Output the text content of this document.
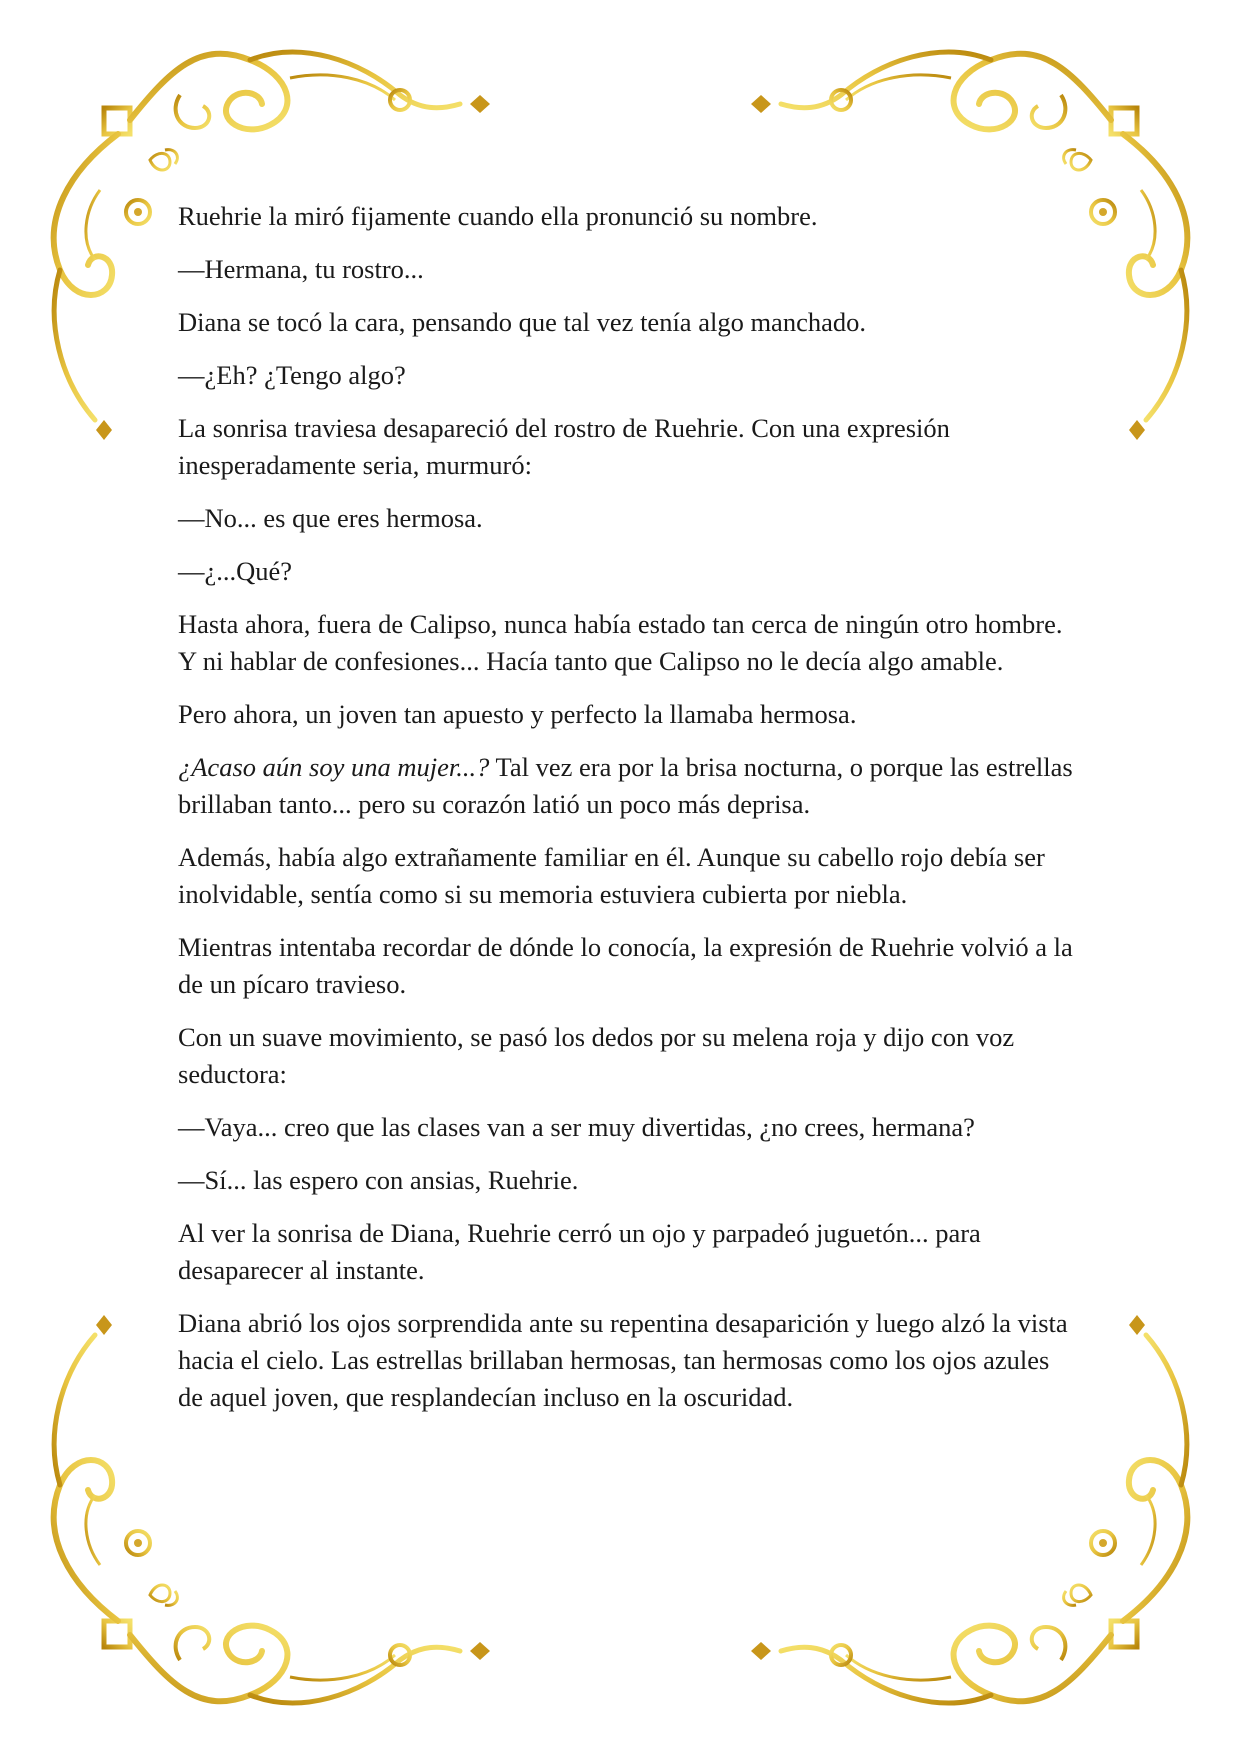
Ruehrie la miró fijamente cuando ella pronunció su nombre.

—Hermana, tu rostro...

Diana se tocó la cara, pensando que tal vez tenía algo manchado.

—¿Eh? ¿Tengo algo?

La sonrisa traviesa desapareció del rostro de Ruehrie. Con una expresión inesperadamente seria, murmuró:

—No... es que eres hermosa.

—¿...Qué?

Hasta ahora, fuera de Calipso, nunca había estado tan cerca de ningún otro hombre. Y ni hablar de confesiones... Hacía tanto que Calipso no le decía algo amable.

Pero ahora, un joven tan apuesto y perfecto la llamaba hermosa.

¿Acaso aún soy una mujer...? Tal vez era por la brisa nocturna, o porque las estrellas brillaban tanto... pero su corazón latió un poco más deprisa.

Además, había algo extrañamente familiar en él. Aunque su cabello rojo debía ser inolvidable, sentía como si su memoria estuviera cubierta por niebla.

Mientras intentaba recordar de dónde lo conocía, la expresión de Ruehrie volvió a la de un pícaro travieso.

Con un suave movimiento, se pasó los dedos por su melena roja y dijo con voz seductora:

—Vaya... creo que las clases van a ser muy divertidas, ¿no crees, hermana?

—Sí... las espero con ansias, Ruehrie.

Al ver la sonrisa de Diana, Ruehrie cerró un ojo y parpadeó juguetón... para desaparecer al instante.

Diana abrió los ojos sorprendida ante su repentina desaparición y luego alzó la vista hacia el cielo. Las estrellas brillaban hermosas, tan hermosas como los ojos azules de aquel joven, que resplandecían incluso en la oscuridad.
